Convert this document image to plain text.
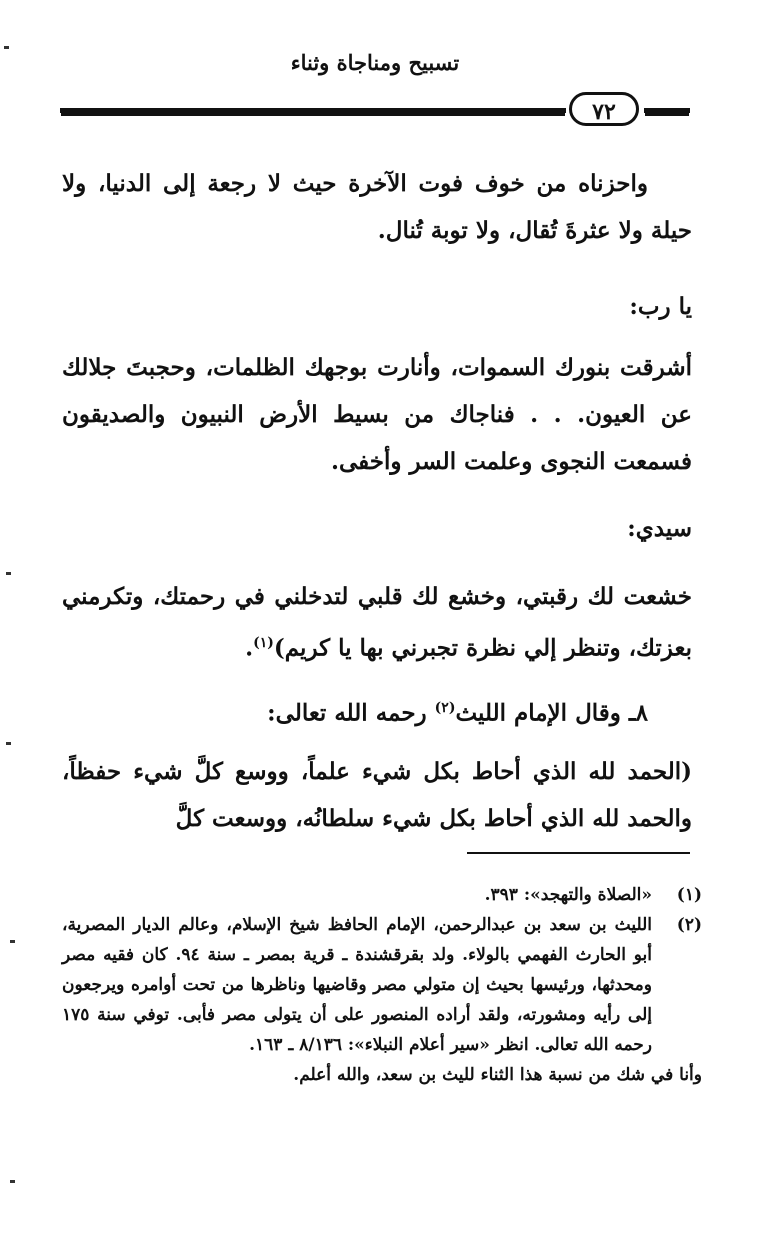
تسبيح ومناجاة وثناء
٧٢

واحزناه من خوف فوت الآخرة حيث لا رجعة إلى الدنيا، ولا حيلة ولا عثرةَ تُقال، ولا توبة تُنال.

يا رب:

أشرقت بنورك السموات، وأنارت بوجهك الظلمات، وحجبتَ جلالك عن العيون. . . فناجاك من بسيط الأرض النبيون والصديقون فسمعت النجوى وعلمت السر وأخفى.

سيدي:

خشعت لك رقبتي، وخشع لك قلبي لتدخلني في رحمتك، وتكرمني بعزتك، وتنظر إلي نظرة تجبرني بها يا كريم)$^{(١)}$.

٨ـ وقال الإمام الليث$^{(٢)}$ رحمه الله تعالى:

(الحمد لله الذي أحاط بكل شيء علماً، ووسع كلَّ شيء حفظاً، والحمد لله الذي أحاط بكل شيء سلطانُه، ووسعت كلَّ

(١)
«الصلاة والتهجد»: ٣٩٣.
(٢)
الليث بن سعد بن عبدالرحمن، الإمام الحافظ شيخ الإسلام، وعالم الديار المصرية، أبو الحارث الفهمي بالولاء. ولد بقرقشندة ـ قرية بمصر ـ سنة ٩٤. كان فقيه مصر ومحدثها، ورئيسها بحيث إن متولي مصر وقاضيها وناظرها من تحت أوامره ويرجعون إلى رأيه ومشورته، ولقد أراده المنصور على أن يتولى مصر فأبى. توفي سنة ١٧٥ رحمه الله تعالى. انظر «سير أعلام النبلاء»: ٨/١٣٦ ـ ١٦٣.
وأنا في شك من نسبة هذا الثناء لليث بن سعد، والله أعلم.
